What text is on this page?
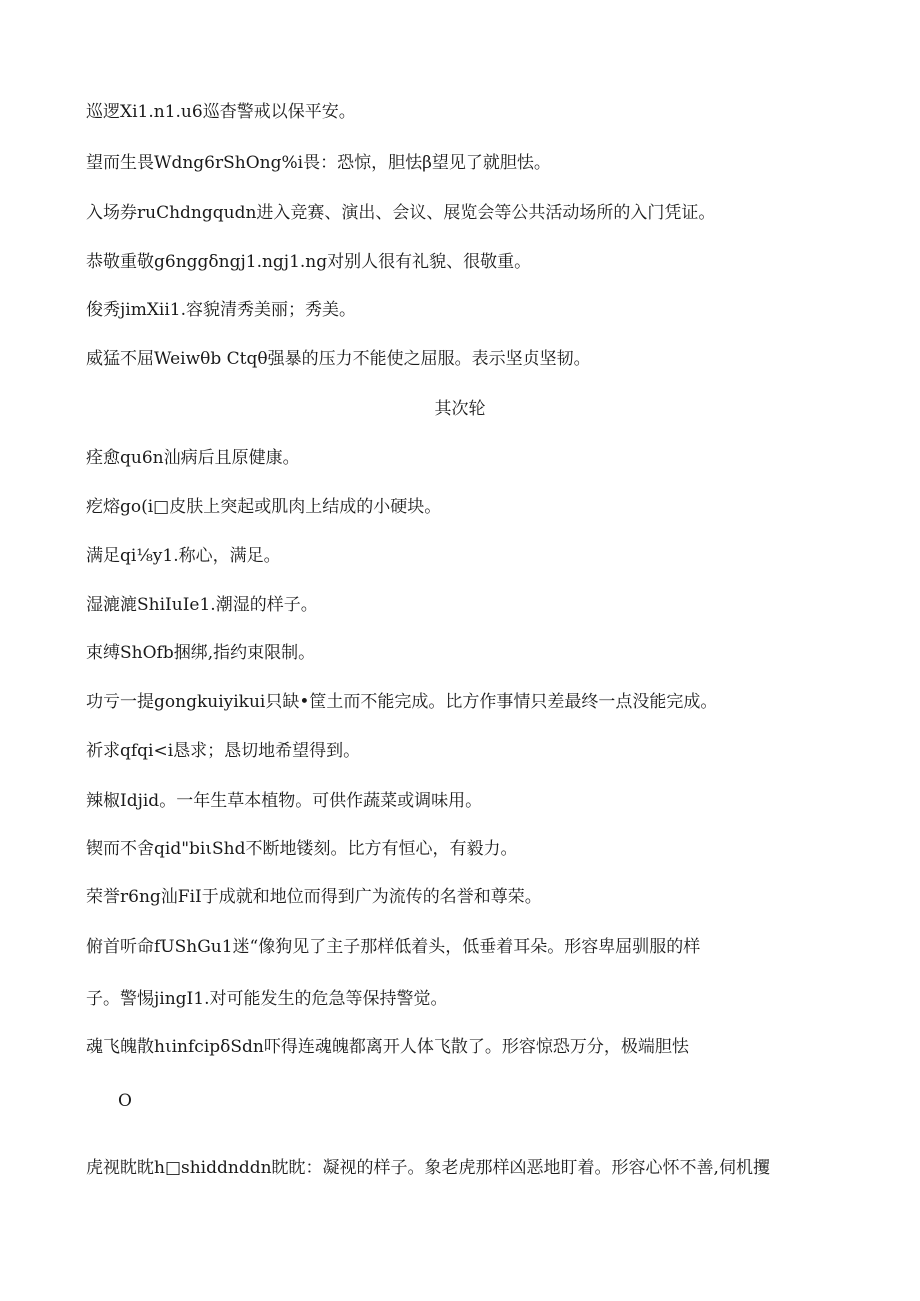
巡逻Xi1.n1.u6巡杳警戒以保平安。
望而生畏Wdng6rShOng%i畏：恐惊，胆怯β望见了就胆怯。
入场券ruChdngqudn进入竞赛、演出、会议、展览会等公共活动场所的入门凭证。
恭敬重敬g6nggδngj1.ngj1.ng对别人很有礼貌、很敬重。
俊秀jimXii1.容貌清秀美丽；秀美。
威猛不屈Weiwθb Ctqθ强暴的压力不能使之屈服。表示坚贞坚韧。
其次轮
痊愈qu6n汕病后且原健康。
疙熔go(i□皮肤上突起或肌肉上结成的小硬块。
满足qi⅛y1.称心，满足。
湿漉漉ShiIuIe1.潮湿的样子。
束缚ShOfb捆绑,指约束限制。
功亏一提gongkuiyikui只缺•筐土而不能完成。比方作事情只差最终一点没能完成。
祈求qfqi<i恳求；恳切地希望得到。
辣椒Idjid。一年生草本植物。可供作蔬菜或调味用。
锲而不舍qid"biιShd不断地镂刻。比方有恒心，有毅力。
荣誉r6ng汕FiI于成就和地位而得到广为流传的名誉和尊荣。
俯首听命fUShGu1迷“像狗见了主子那样低着头，低垂着耳朵。形容卑屈驯服的样
子。警惕jingI1.对可能发生的危急等保持警觉。
魂飞魄散hιinfcipδSdn吓得连魂魄都离开人体飞散了。形容惊恐万分，极端胆怯
O
虎视眈眈h□shiddnddn眈眈：凝视的样子。象老虎那样凶恶地盯着。形容心怀不善,伺机攫
